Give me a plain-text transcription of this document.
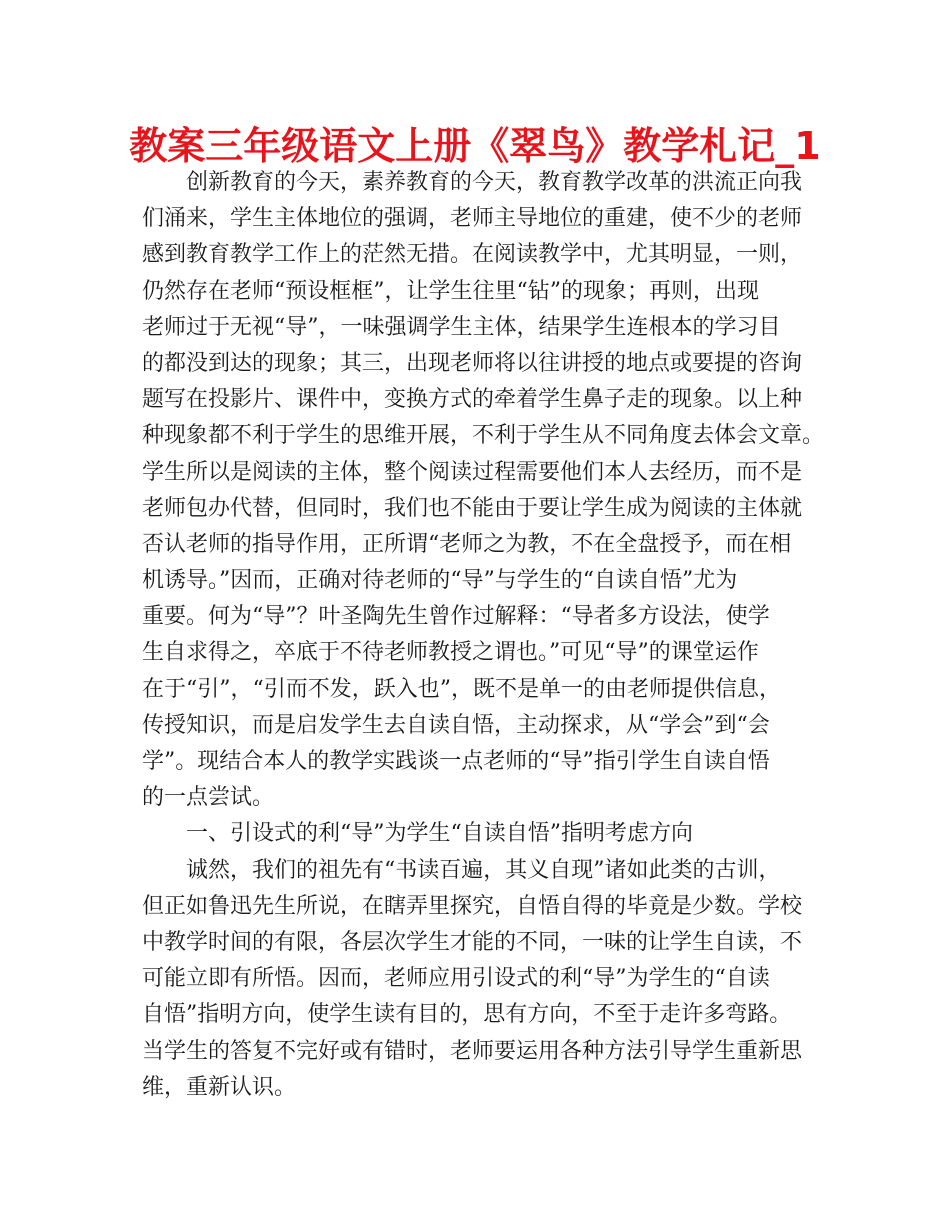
教案三年级语文上册《翠鸟》教学札记_1
创新教育的今天，素养教育的今天，教育教学改革的洪流正向我
们涌来，学生主体地位的强调，老师主导地位的重建，使不少的老师
感到教育教学工作上的茫然无措。在阅读教学中，尤其明显，一则，
仍然存在老师“预设框框”，让学生往里“钻”的现象；再则，出现
老师过于无视“导”，一味强调学生主体，结果学生连根本的学习目
的都没到达的现象；其三，出现老师将以往讲授的地点或要提的咨询
题写在投影片、课件中，变换方式的牵着学生鼻子走的现象。以上种
种现象都不利于学生的思维开展，不利于学生从不同角度去体会文章。
学生所以是阅读的主体，整个阅读过程需要他们本人去经历，而不是
老师包办代替，但同时，我们也不能由于要让学生成为阅读的主体就
否认老师的指导作用，正所谓“老师之为教，不在全盘授予，而在相
机诱导。”因而，正确对待老师的“导”与学生的“自读自悟”尤为
重要。何为“导”？叶圣陶先生曾作过解释：“导者多方设法，使学
生自求得之，卒底于不待老师教授之谓也。”可见“导”的课堂运作
在于“引”，“引而不发，跃入也”，既不是单一的由老师提供信息，
传授知识，而是启发学生去自读自悟，主动探求，从“学会”到“会
学”。现结合本人的教学实践谈一点老师的“导”指引学生自读自悟
的一点尝试。
一、引设式的利“导”为学生“自读自悟”指明考虑方向
诚然，我们的祖先有“书读百遍，其义自现”诸如此类的古训，
但正如鲁迅先生所说，在瞎弄里探究，自悟自得的毕竟是少数。学校
中教学时间的有限，各层次学生才能的不同，一味的让学生自读，不
可能立即有所悟。因而，老师应用引设式的利“导”为学生的“自读
自悟”指明方向，使学生读有目的，思有方向，不至于走许多弯路。
当学生的答复不完好或有错时，老师要运用各种方法引导学生重新思
维，重新认识。
